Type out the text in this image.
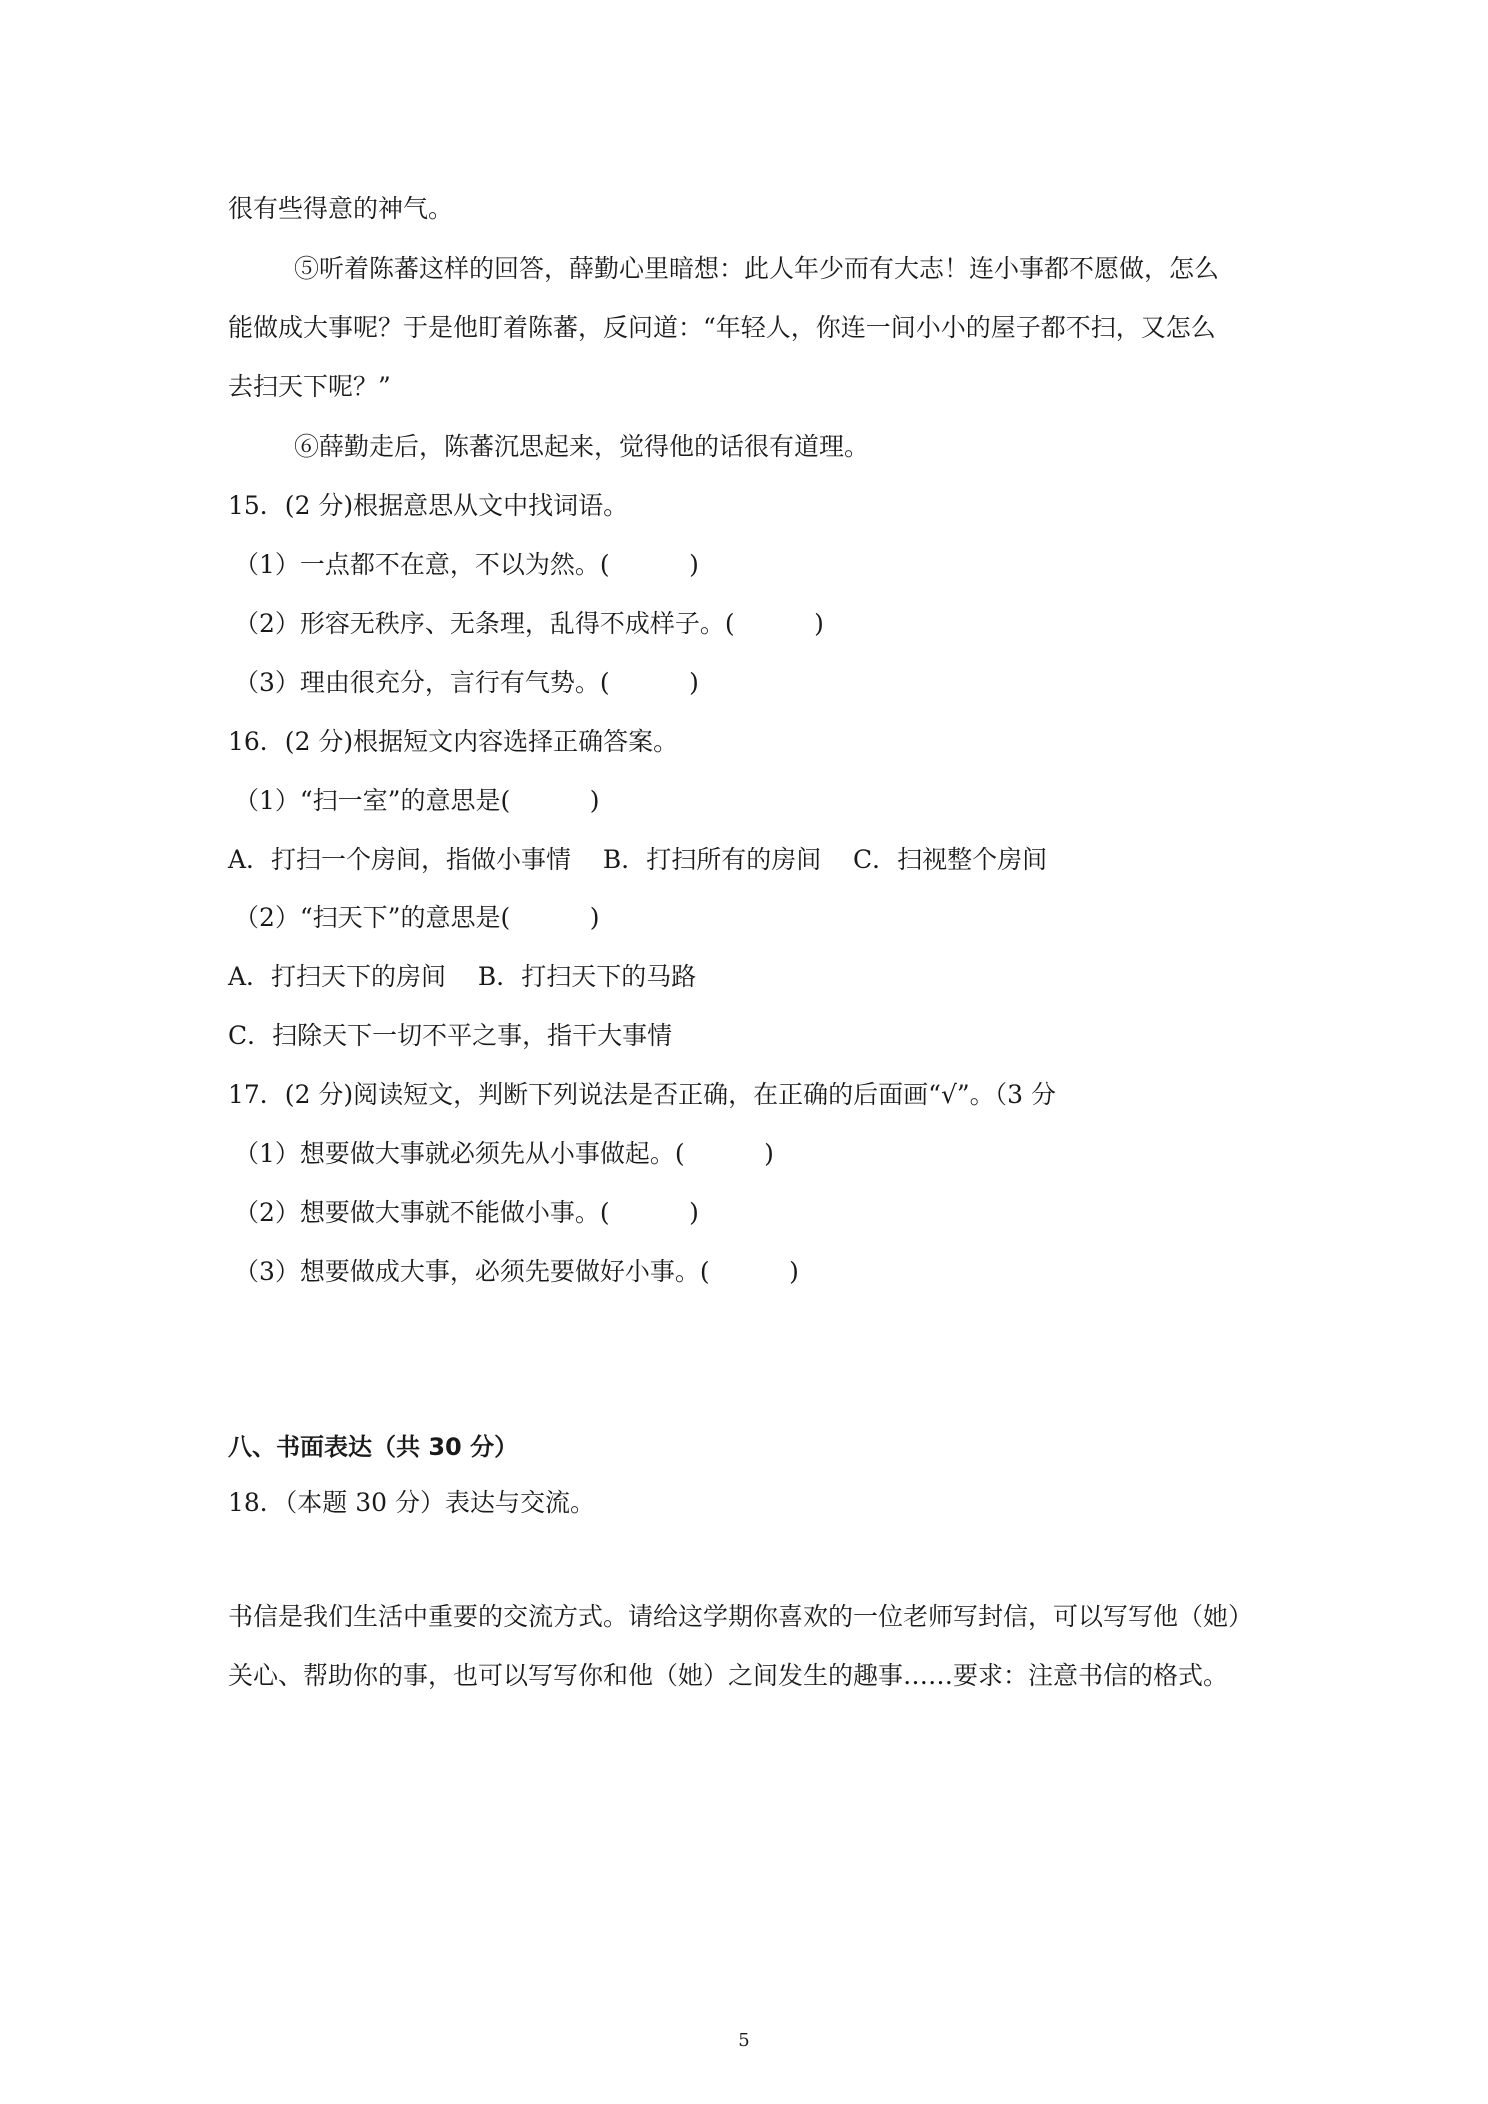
很有些得意的神气。

⑤听着陈蕃这样的回答，薛勤心里暗想：此人年少而有大志！连小事都不愿做，怎么

能做成大事呢？于是他盯着陈蕃，反问道：“年轻人，你连一间小小的屋子都不扫，又怎么

去扫天下呢？”

⑥薛勤走后，陈蕃沉思起来，觉得他的话很有道理。

15．(2 分)根据意思从文中找词语。

（1）一点都不在意，不以为然。(          )

（2）形容无秩序、无条理，乱得不成样子。(          )

（3）理由很充分，言行有气势。(          )

16．(2 分)根据短文内容选择正确答案。

（1）“扫一室”的意思是(          )

A．打扫一个房间，指做小事情    B．打扫所有的房间    C．扫视整个房间

（2）“扫天下”的意思是(          )

A．打扫天下的房间    B．打扫天下的马路

C．扫除天下一切不平之事，指干大事情

17．(2 分)阅读短文，判断下列说法是否正确，在正确的后面画“√”。（3 分

（1）想要做大事就必须先从小事做起。(          )

（2）想要做大事就不能做小事。(          )

（3）想要做成大事，必须先要做好小事。(          )

八、书面表达（共 30 分）

18．（本题 30 分）表达与交流。

书信是我们生活中重要的交流方式。请给这学期你喜欢的一位老师写封信，可以写写他（她）

关心、帮助你的事，也可以写写你和他（她）之间发生的趣事……要求：注意书信的格式。

5
